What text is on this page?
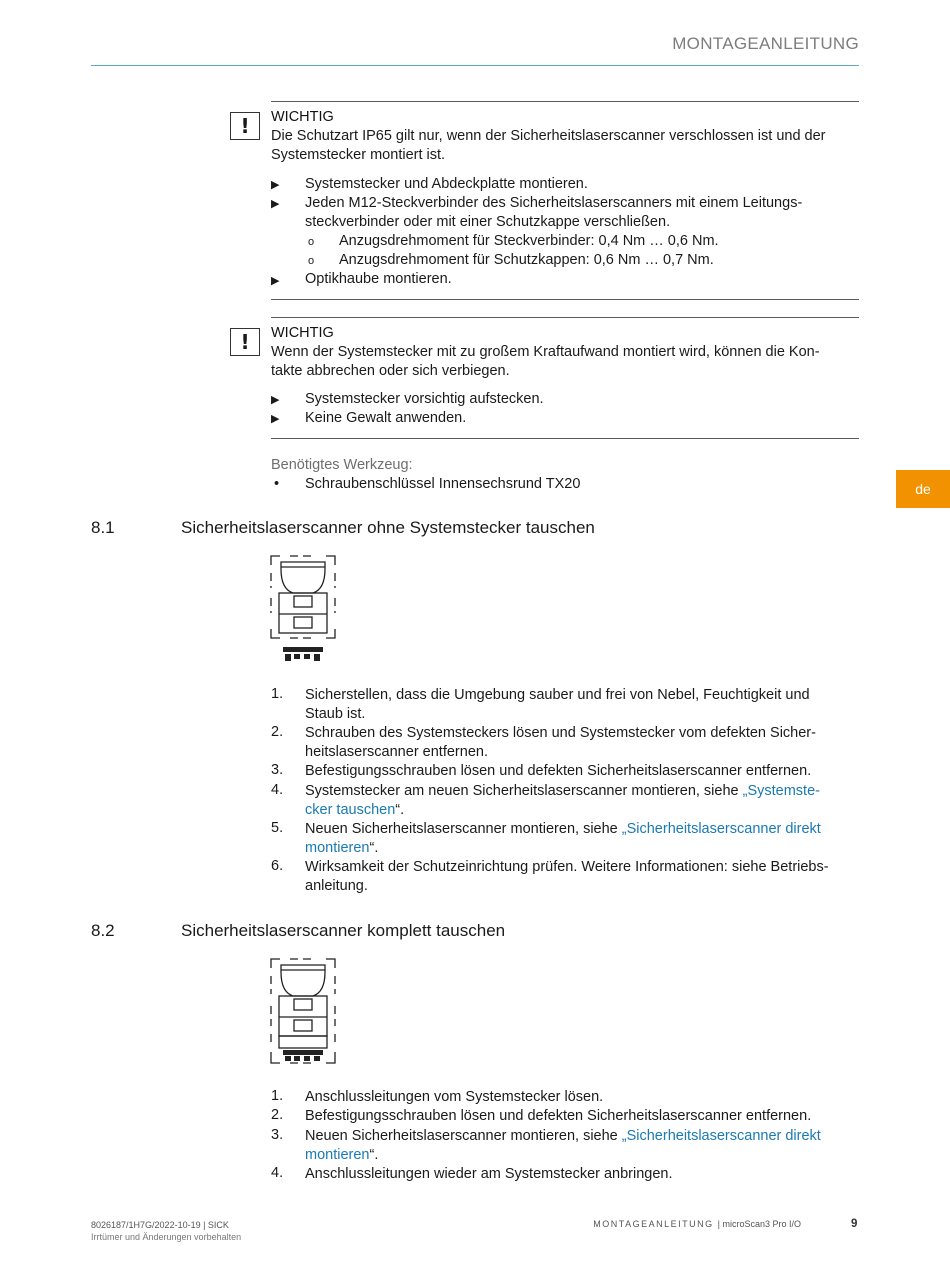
MONTAGEANLEITUNG
de
!	WICHTIG
Die Schutzart IP65 gilt nur, wenn der Sicherheitslaserscanner verschlossen ist und der
Systemstecker montiert ist.
▶ Systemstecker und Abdeckplatte montieren.
▶ Jeden M12-Steckverbinder des Sicherheitslaserscanners mit einem Leitungs-
steckverbinder oder mit einer Schutzkappe verschließen.
o Anzugsdrehmoment für Steckverbinder: 0,4 Nm … 0,6 Nm.
o Anzugsdrehmoment für Schutzkappen: 0,6 Nm … 0,7 Nm.
▶ Optikhaube montieren.
!	WICHTIG
Wenn der Systemstecker mit zu großem Kraftaufwand montiert wird, können die Kon-
takte abbrechen oder sich verbiegen.
▶ Systemstecker vorsichtig aufstecken.
▶ Keine Gewalt anwenden.
Benötigtes Werkzeug:
• Schraubenschlüssel Innensechsrund TX20
8.1	Sicherheitslaserscanner ohne Systemstecker tauschen
1. Sicherstellen, dass die Umgebung sauber und frei von Nebel, Feuchtigkeit und
Staub ist.
2. Schrauben des Systemsteckers lösen und Systemstecker vom defekten Sicher-
heitslaserscanner entfernen.
3. Befestigungsschrauben lösen und defekten Sicherheitslaserscanner entfernen.
4. Systemstecker am neuen Sicherheitslaserscanner montieren, siehe „Systemste-
cker tauschen“.
5. Neuen Sicherheitslaserscanner montieren, siehe „Sicherheitslaserscanner direkt
montieren“.
6. Wirksamkeit der Schutzeinrichtung prüfen. Weitere Informationen: siehe Betriebs-
anleitung.
8.2	Sicherheitslaserscanner komplett tauschen
1. Anschlussleitungen vom Systemstecker lösen.
2. Befestigungsschrauben lösen und defekten Sicherheitslaserscanner entfernen.
3. Neuen Sicherheitslaserscanner montieren, siehe „Sicherheitslaserscanner direkt
montieren“.
4. Anschlussleitungen wieder am Systemstecker anbringen.
8026187/1H7G/2022-10-19 | SICK
Irrtümer und Änderungen vorbehalten
MONTAGEANLEITUNG | microScan3 Pro I/O	9
